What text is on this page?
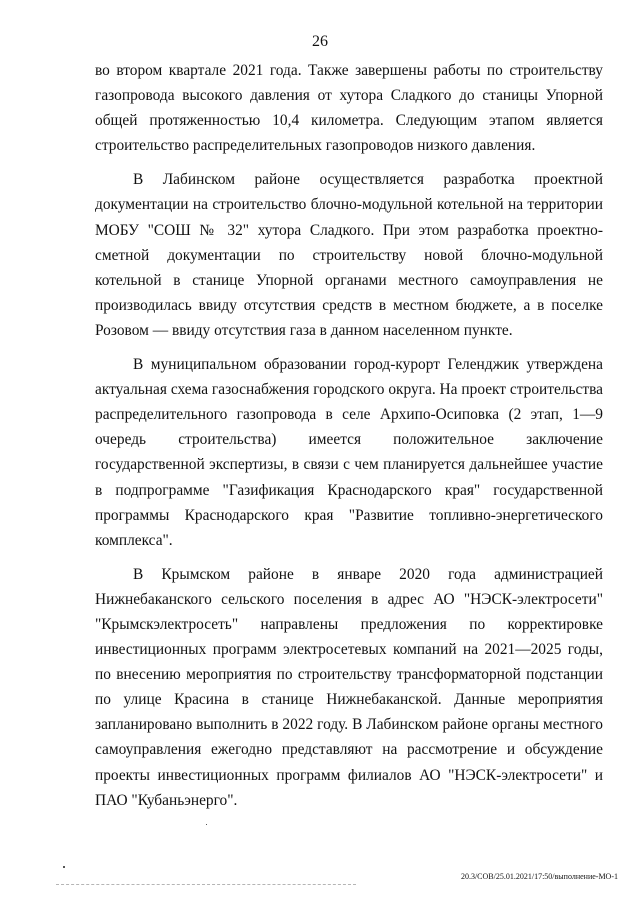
26

во втором квартале 2021 года. Также завершены работы по строительству газопровода высокого давления от хутора Сладкого до станицы Упорной общей протяженностью 10,4 километра. Следующим этапом является строительство распределительных газопроводов низкого давления.

В Лабинском районе осуществляется разработка проектной документации на строительство блочно-модульной котельной на территории МОБУ "СОШ № 32" хутора Сладкого. При этом разработка проектно-сметной документации по строительству новой блочно-модульной котельной в станице Упорной органами местного самоуправления не производилась ввиду отсутствия средств в местном бюджете, а в поселке Розовом — ввиду отсутствия газа в данном населенном пункте.

В муниципальном образовании город-курорт Геленджик утверждена актуальная схема газоснабжения городского округа. На проект строительства распределительного газопровода в селе Архипо-Осиповка (2 этап, 1—9 очередь строительства) имеется положительное заключение государственной экспертизы, в связи с чем планируется дальнейшее участие в подпрограмме "Газификация Краснодарского края" государственной программы Краснодарского края "Развитие топливно-энергетического комплекса".

В Крымском районе в январе 2020 года администрацией Нижнебаканского сельского поселения в адрес АО "НЭСК-электросети" "Крымскэлектросеть" направлены предложения по корректировке инвестиционных программ электросетевых компаний на 2021—2025 годы, по внесению мероприятия по строительству трансформаторной подстанции по улице Красина в станице Нижнебаканской. Данные мероприятия запланировано выполнить в 2022 году. В Лабинском районе органы местного самоуправления ежегодно представляют на рассмотрение и обсуждение проекты инвестиционных программ филиалов АО "НЭСК-электросети" и ПАО "Кубаньэнерго".

20.3/СОВ/25.01.2021/17:50/выполнение-МО-1
